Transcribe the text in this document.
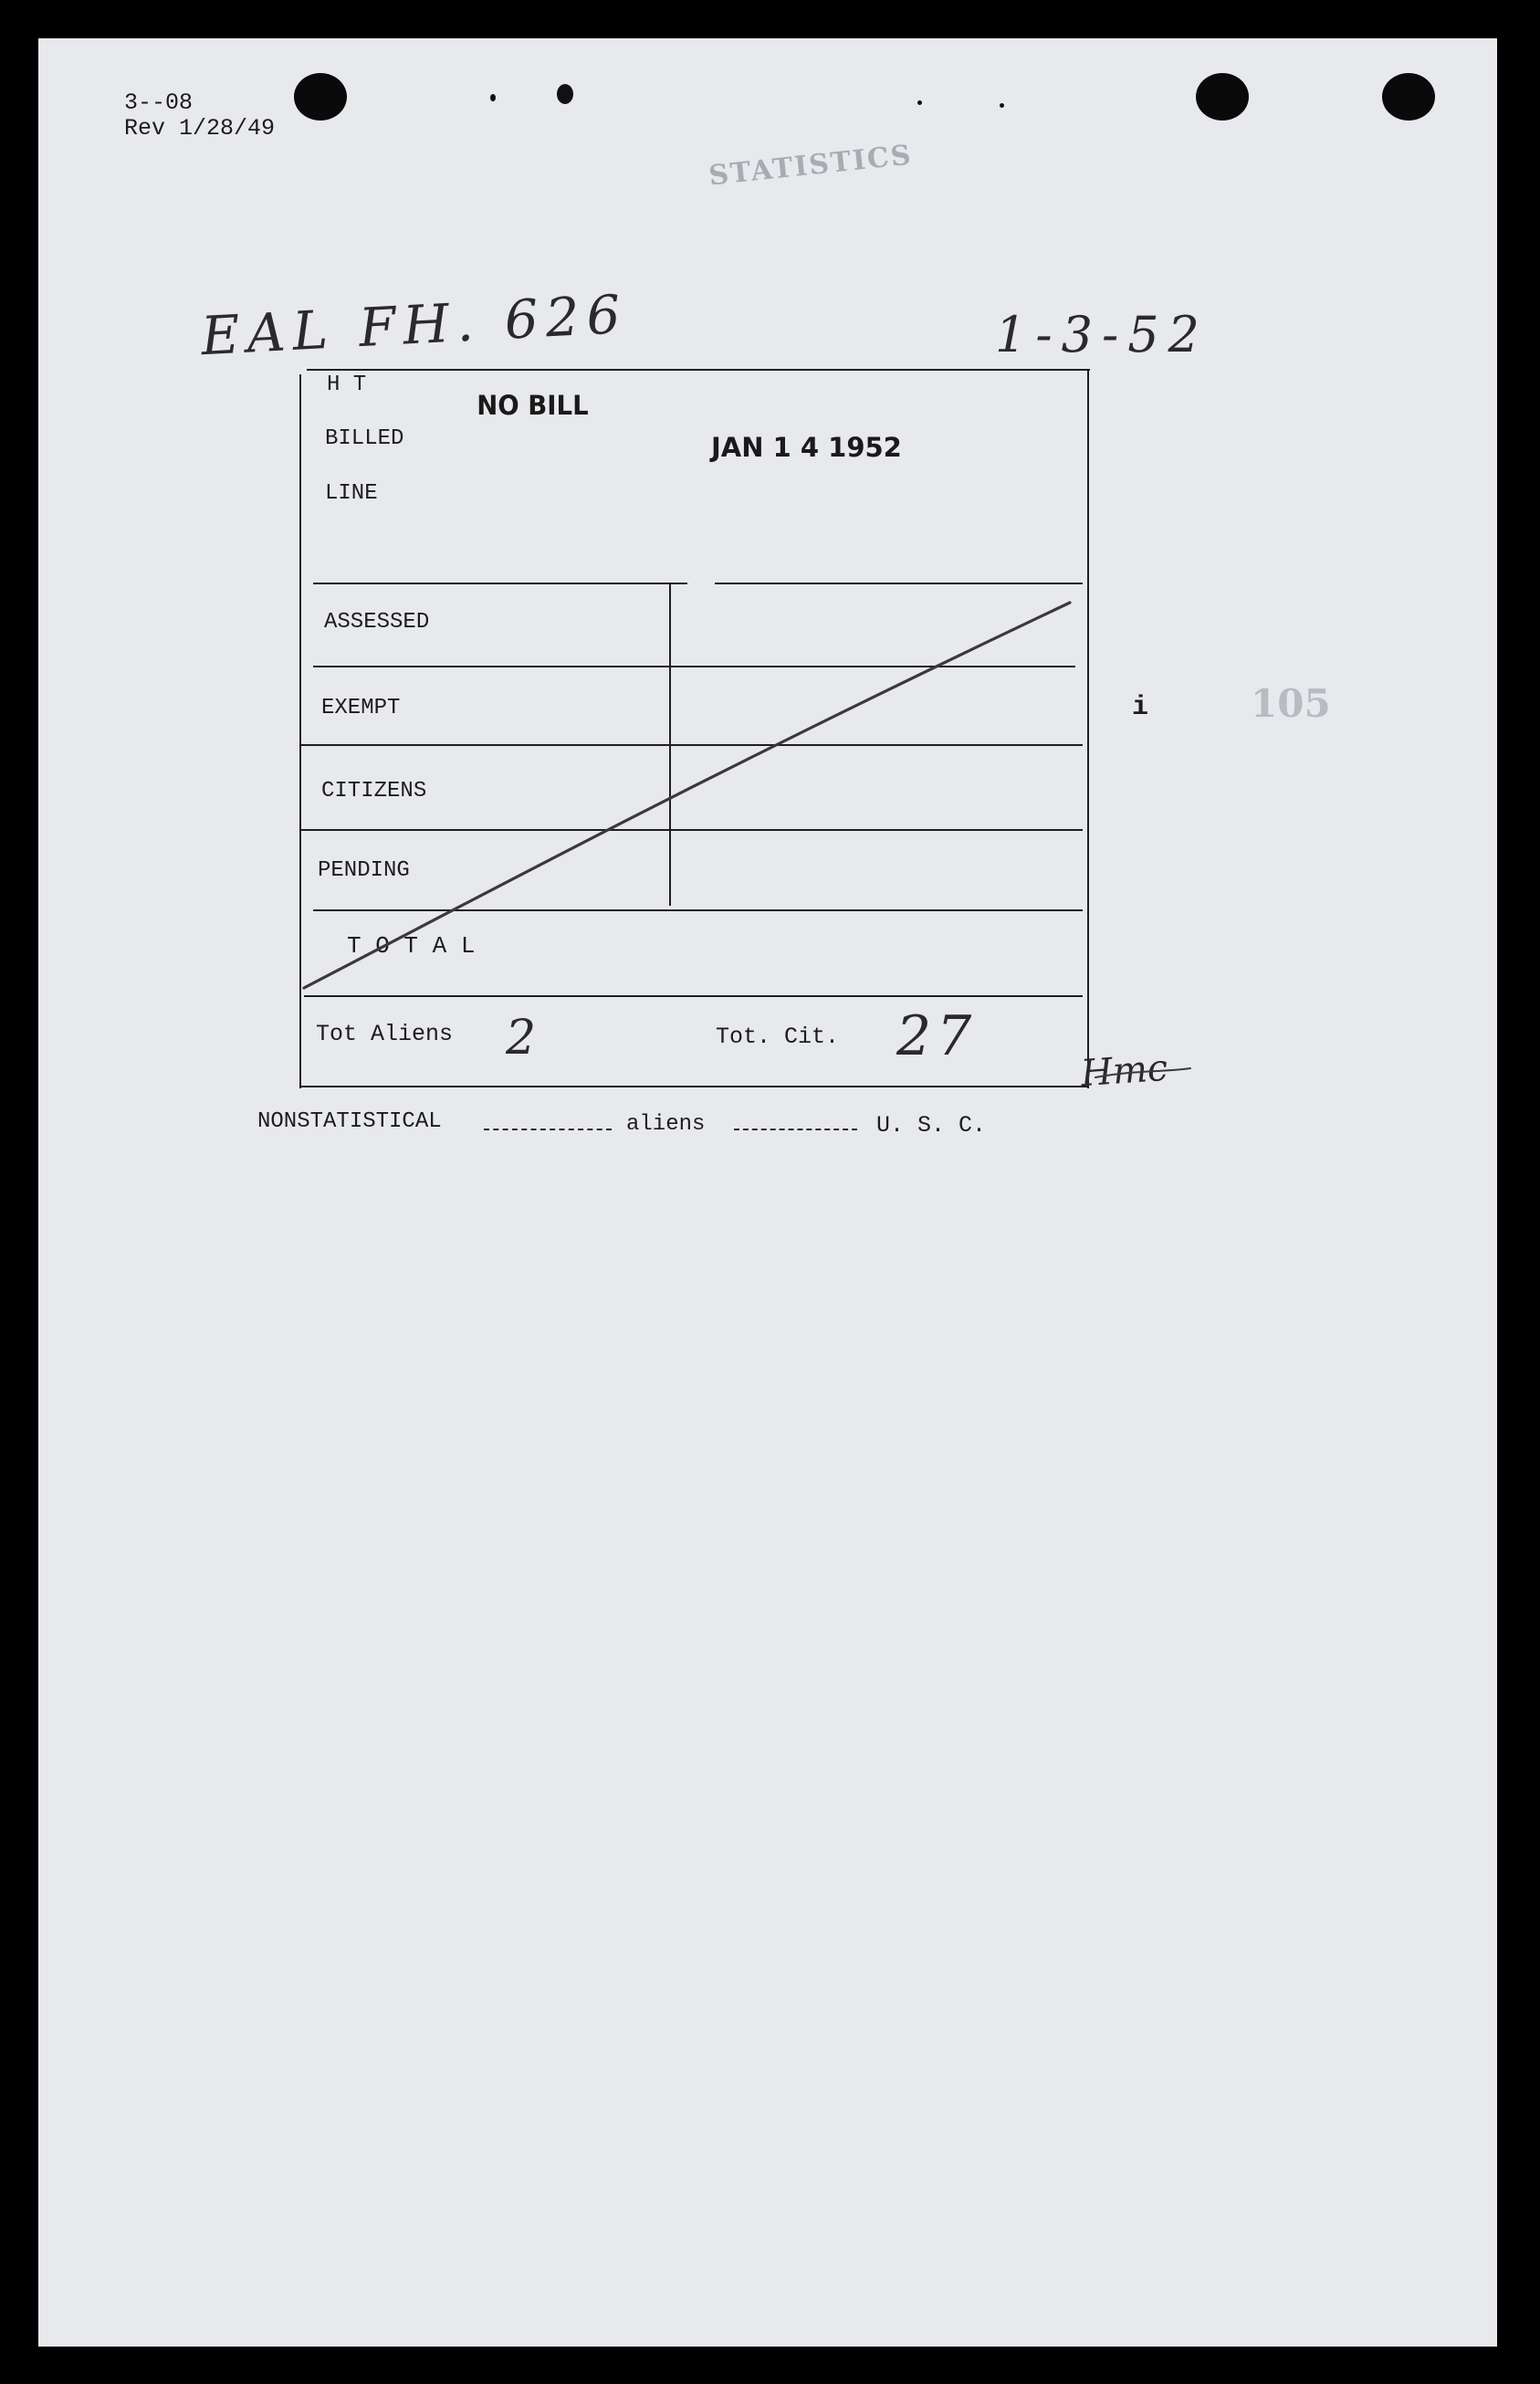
3--08
Rev 1/28/49
STATISTICS
EAL FH. 626	1-3-52
105
i
H T
NO BILL
BILLED	JAN 1 4 1952
LINE
ASSESSED
EXEMPT
CITIZENS
PENDING
T O T A L
Tot Aliens 2	Tot. Cit. 27
Hmc
NONSTATISTICAL	aliens	U. S. C.
